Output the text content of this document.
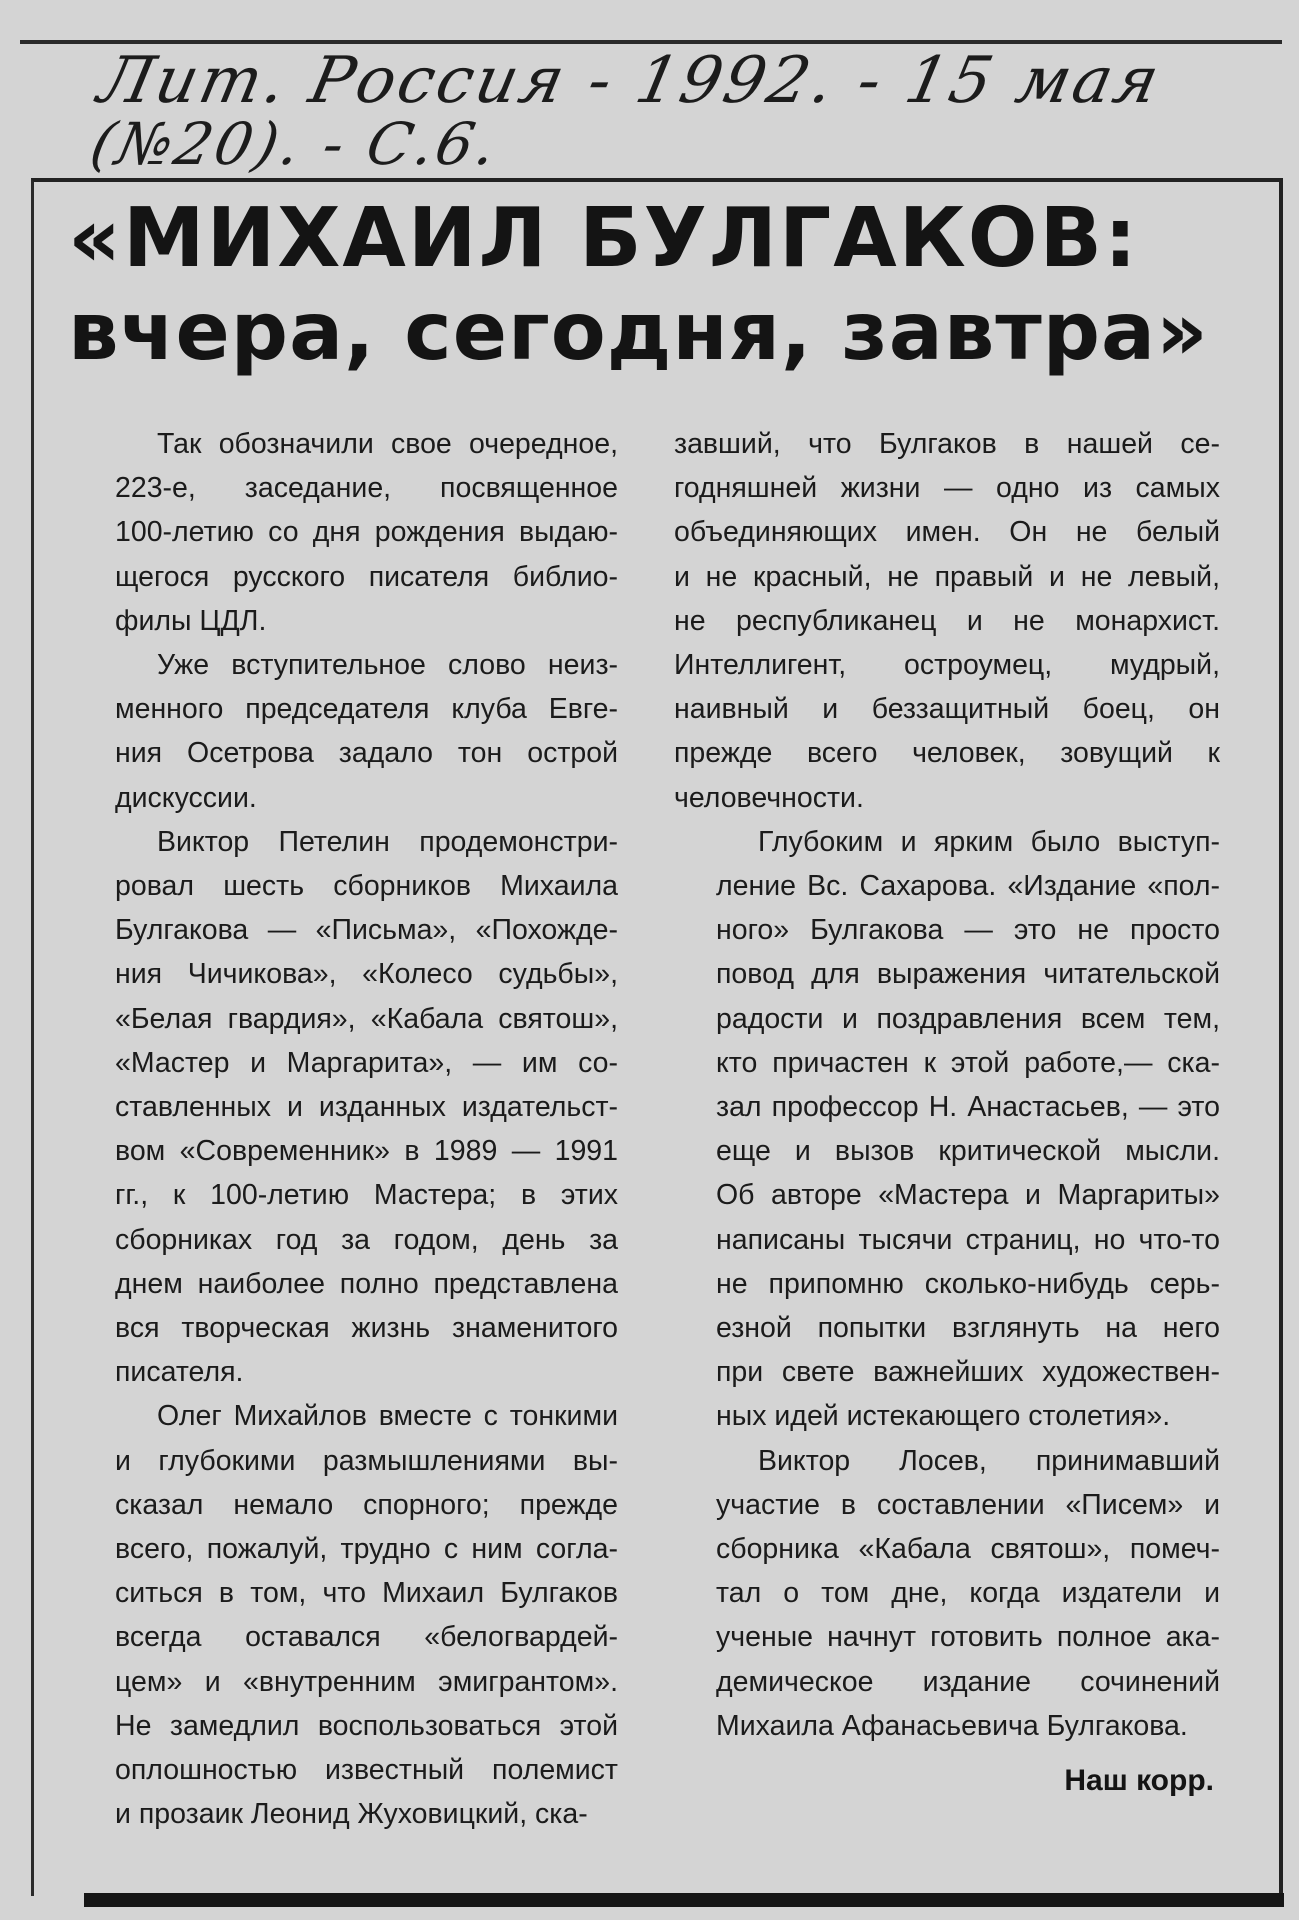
Лит. Россия - 1992. - 15 мая
(№20). - С.6.
«МИХАИЛ БУЛГАКОВ:
вчера, сегодня, завтра»

Так обозначили свое очередное,
223-е, заседание, посвященное
100-летию со дня рождения выдаю-
щегося русского писателя библио-
филы ЦДЛ.

Уже вступительное слово неиз-
менного председателя клуба Евге-
ния Осетрова задало тон острой
дискуссии.

Виктор Петелин продемонстри-
ровал шесть сборников Михаила
Булгакова — «Письма», «Похожде-
ния Чичикова», «Колесо судьбы»,
«Белая гвардия», «Кабала святош»,
«Мастер и Маргарита», — им со-
ставленных и изданных издательст-
вом «Современник» в 1989 — 1991
гг., к 100-летию Мастера; в этих
сборниках год за годом, день за
днем наиболее полно представлена
вся творческая жизнь знаменитого
писателя.

Олег Михайлов вместе с тонкими
и глубокими размышлениями вы-
сказал немало спорного; прежде
всего, пожалуй, трудно с ним согла-
ситься в том, что Михаил Булгаков
всегда оставался «белогвардей-
цем» и «внутренним эмигрантом».
Не замедлил воспользоваться этой
оплошностью известный полемист
и прозаик Леонид Жуховицкий, ска-

завший, что Булгаков в нашей се-
годняшней жизни — одно из самых
объединяющих имен. Он не белый
и не красный, не правый и не левый,
не республиканец и не монархист.
Интеллигент, остроумец, мудрый,
наивный и беззащитный боец, он
прежде всего человек, зовущий к
человечности.

Глубоким и ярким было выступ-
ление Вс. Сахарова. «Издание «пол-
ного» Булгакова — это не просто
повод для выражения читательской
радости и поздравления всем тем,
кто причастен к этой работе,— ска-
зал профессор Н. Анастасьев, — это
еще и вызов критической мысли.
Об авторе «Мастера и Маргариты»
написаны тысячи страниц, но что-то
не припомню сколько-нибудь серь-
езной попытки взглянуть на него
при свете важнейших художествен-
ных идей истекающего столетия».

Виктор Лосев, принимавший
участие в составлении «Писем» и
сборника «Кабала святош», помеч-
тал о том дне, когда издатели и
ученые начнут готовить полное ака-
демическое издание сочинений
Михаила Афанасьевича Булгакова.

Наш корр.
